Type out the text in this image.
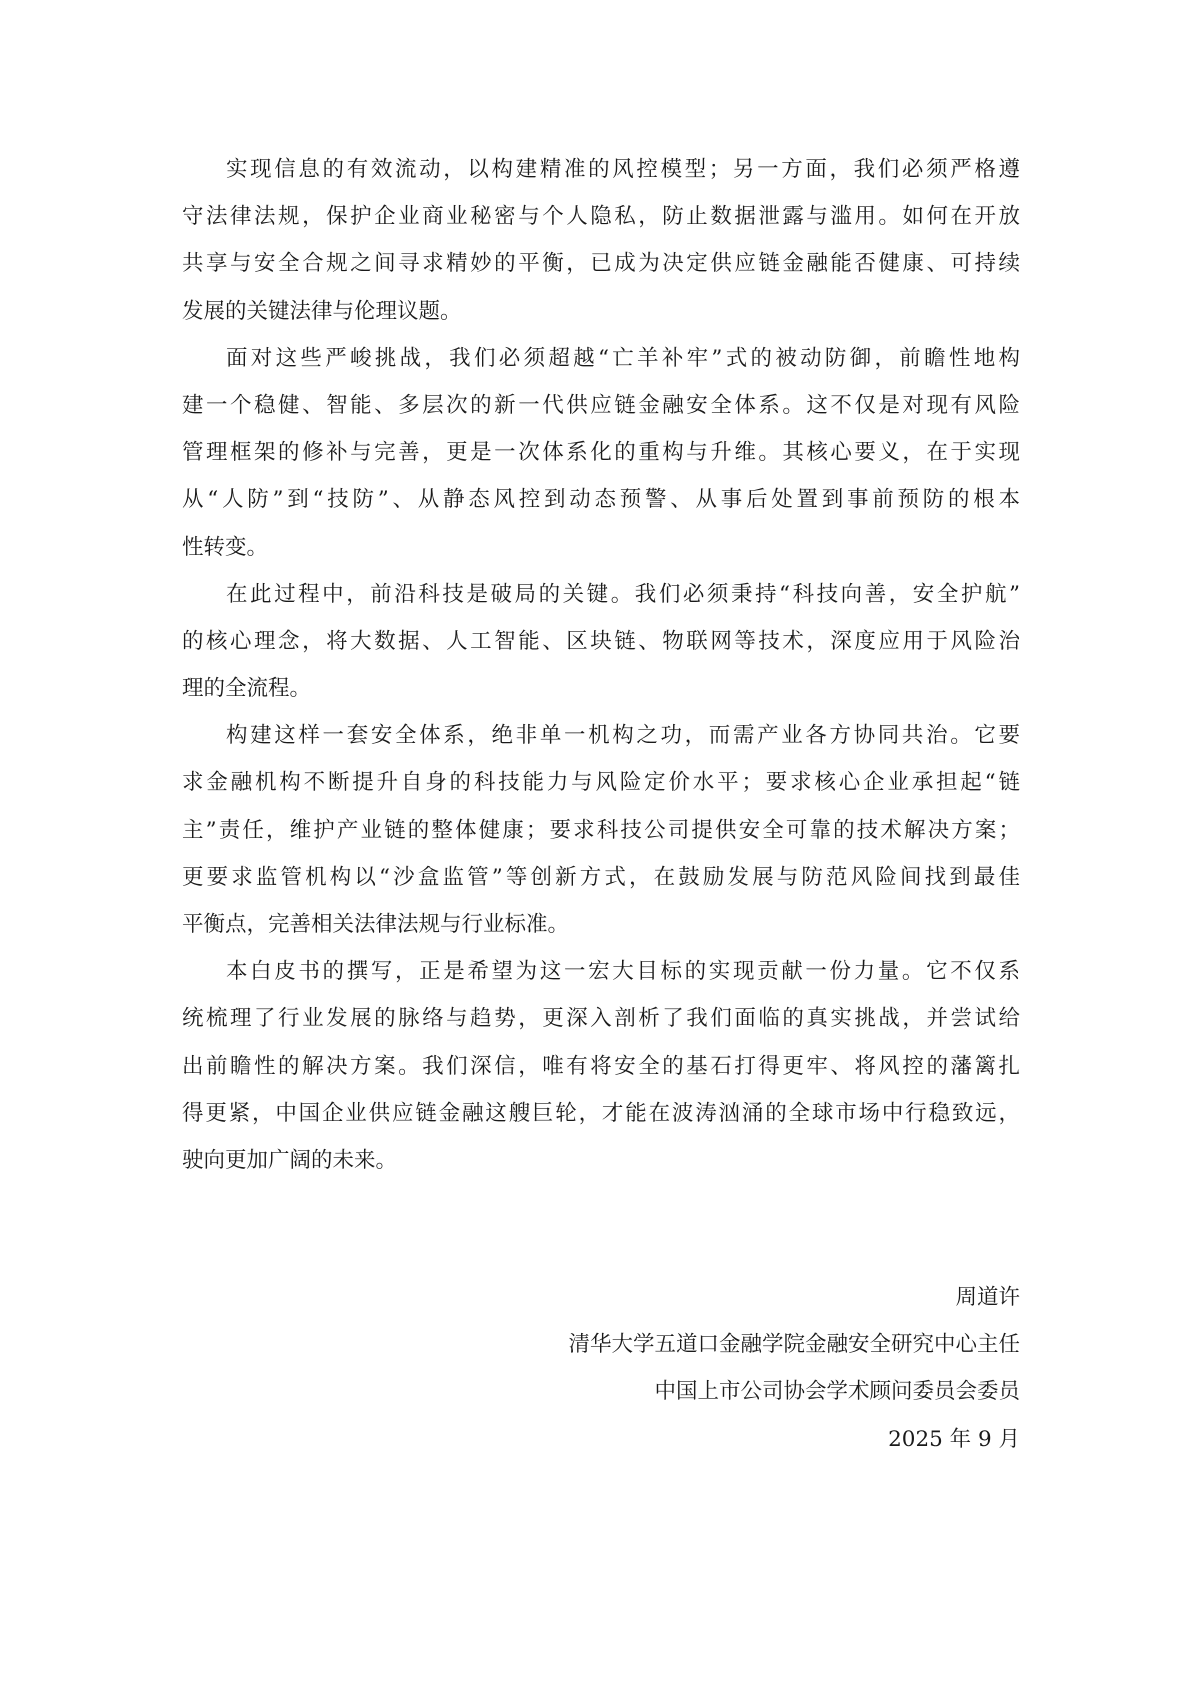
实现信息的有效流动，以构建精准的风控模型；另一方面，我们必须严格遵
守法律法规，保护企业商业秘密与个人隐私，防止数据泄露与滥用。如何在开放
共享与安全合规之间寻求精妙的平衡，已成为决定供应链金融能否健康、可持续
发展的关键法律与伦理议题。
面对这些严峻挑战，我们必须超越“亡羊补牢”式的被动防御，前瞻性地构
建一个稳健、智能、多层次的新一代供应链金融安全体系。这不仅是对现有风险
管理框架的修补与完善，更是一次体系化的重构与升维。其核心要义，在于实现
从“人防”到“技防”、从静态风控到动态预警、从事后处置到事前预防的根本
性转变。
在此过程中，前沿科技是破局的关键。我们必须秉持“科技向善，安全护航”
的核心理念，将大数据、人工智能、区块链、物联网等技术，深度应用于风险治
理的全流程。
构建这样一套安全体系，绝非单一机构之功，而需产业各方协同共治。它要
求金融机构不断提升自身的科技能力与风险定价水平；要求核心企业承担起“链
主”责任，维护产业链的整体健康；要求科技公司提供安全可靠的技术解决方案；
更要求监管机构以“沙盒监管”等创新方式，在鼓励发展与防范风险间找到最佳
平衡点，完善相关法律法规与行业标准。
本白皮书的撰写，正是希望为这一宏大目标的实现贡献一份力量。它不仅系
统梳理了行业发展的脉络与趋势，更深入剖析了我们面临的真实挑战，并尝试给
出前瞻性的解决方案。我们深信，唯有将安全的基石打得更牢、将风控的藩篱扎
得更紧，中国企业供应链金融这艘巨轮，才能在波涛汹涌的全球市场中行稳致远，
驶向更加广阔的未来。
周道许
清华大学五道口金融学院金融安全研究中心主任
中国上市公司协会学术顾问委员会委员
2025 年 9 月
